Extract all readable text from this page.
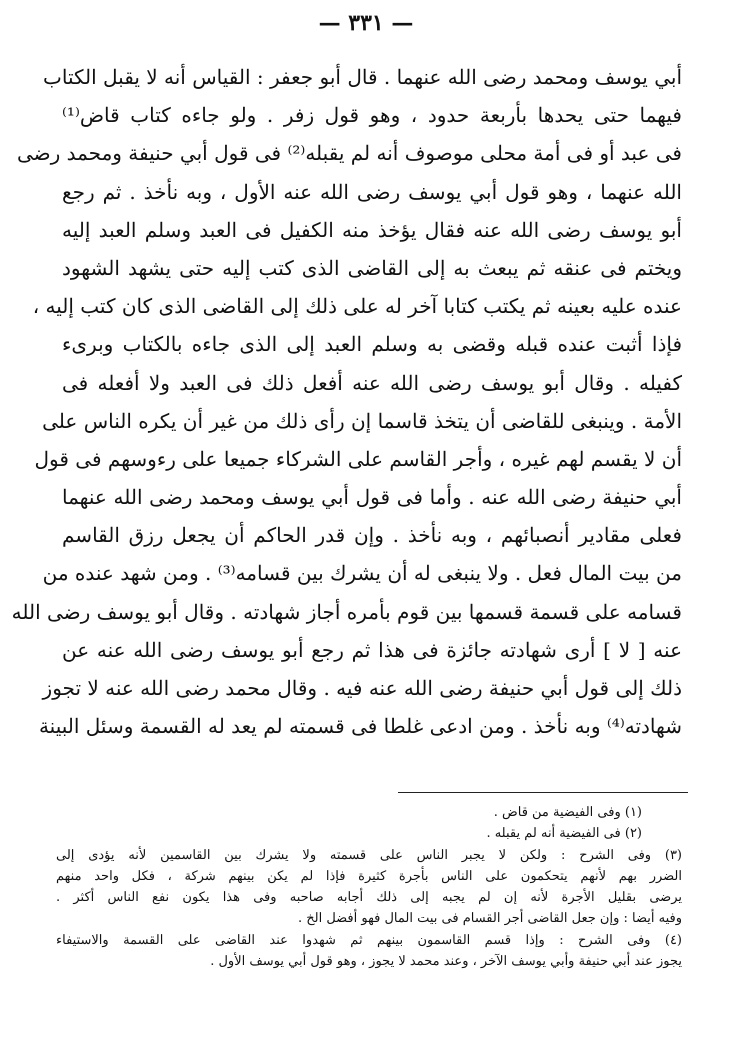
— ٣٣١ —
أبي يوسف ومحمد رضى الله عنهما . قال أبو جعفر : القياس أنه لا يقبل الكتاب
فيهما حتى يحدها بأربعة حدود ، وهو قول زفر . ولو جاءه كتاب قاض⁽¹⁾
فى عبد أو فى أمة محلى موصوف أنه لم يقبله⁽²⁾ فى قول أبي حنيفة ومحمد رضى
الله عنهما ، وهو قول أبي يوسف رضى الله عنه الأول ، وبه نأخذ . ثم رجع
أبو يوسف رضى الله عنه فقال يؤخذ منه الكفيل فى العبد وسلم العبد إليه
ويختم فى عنقه ثم يبعث به إلى القاضى الذى كتب إليه حتى يشهد الشهود
عنده عليه بعينه ثم يكتب كتابا آخر له على ذلك إلى القاضى الذى كان كتب إليه ،
فإذا أثبت عنده قبله وقضى به وسلم العبد إلى الذى جاءه بالكتاب وبرىء
كفيله . وقال أبو يوسف رضى الله عنه أفعل ذلك فى العبد ولا أفعله فى
الأمة . وينبغى للقاضى أن يتخذ قاسما إن رأى ذلك من غير أن يكره الناس على
أن لا يقسم لهم غيره ، وأجر القاسم على الشركاء جميعا على رءوسهم فى قول
أبي حنيفة رضى الله عنه . وأما فى قول أبي يوسف ومحمد رضى الله عنهما
فعلى مقادير أنصبائهم ، وبه نأخذ . وإن قدر الحاكم أن يجعل رزق القاسم
من بيت المال فعل . ولا ينبغى له أن يشرك بين قسامه⁽³⁾ . ومن شهد عنده من
قسامه على قسمة قسمها بين قوم بأمره أجاز شهادته . وقال أبو يوسف رضى الله
عنه [ لا ] أرى شهادته جائزة فى هذا ثم رجع أبو يوسف رضى الله عنه عن
ذلك إلى قول أبي حنيفة رضى الله عنه فيه . وقال محمد رضى الله عنه لا تجوز
شهادته⁽⁴⁾ وبه نأخذ . ومن ادعى غلطا فى قسمته لم يعد له القسمة وسئل البينة
(١) وفى الفيضية من قاض .
(٢) فى الفيضية أنه لم يقبله .
(٣) وفى الشرح : ولكن لا يجبر الناس على قسمته ولا يشرك بين القاسمين لأنه يؤدى إلى
الضرر بهم لأنهم يتحكمون على الناس بأجرة كثيرة فإذا لم يكن بينهم شركة ، فكل واحد منهم
يرضى بقليل الأجرة لأنه إن لم يجبه إلى ذلك أجابه صاحبه وفى هذا يكون نفع الناس أكثر .
وفيه أيضا : وإن جعل القاضى أجر القسام فى بيت المال فهو أفضل الخ .
(٤) وفى الشرح : وإذا قسم القاسمون بينهم ثم شهدوا عند القاضى على القسمة والاستيفاء
يجوز عند أبي حنيفة وأبي يوسف الآخر ، وعند محمد لا يجوز ، وهو قول أبي يوسف الأول .
